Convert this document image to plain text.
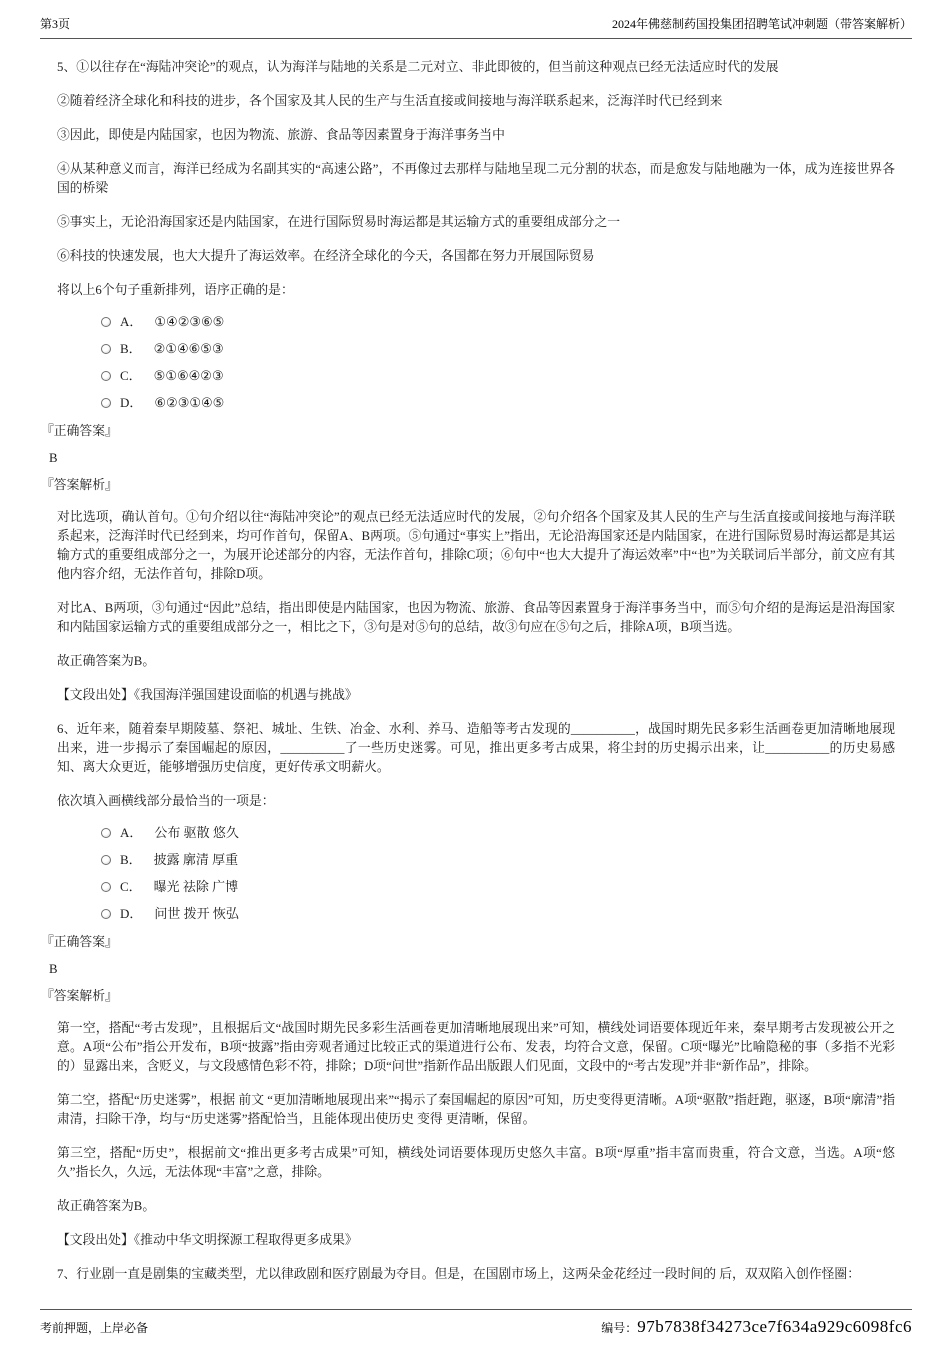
第3页	2024年佛慈制药国投集团招聘笔试冲刺题（带答案解析）

5、①以往存在“海陆冲突论”的观点，认为海洋与陆地的关系是二元对立、非此即彼的，但当前这种观点已经无法适应时代的发展

②随着经济全球化和科技的进步，各个国家及其人民的生产与生活直接或间接地与海洋联系起来，泛海洋时代已经到来

③因此，即使是内陆国家，也因为物流、旅游、食品等因素置身于海洋事务当中

④从某种意义而言，海洋已经成为名副其实的“高速公路”，不再像过去那样与陆地呈现二元分割的状态，而是愈发与陆地融为一体，成为连接世界各国的桥梁

⑤事实上，无论沿海国家还是内陆国家，在进行国际贸易时海运都是其运输方式的重要组成部分之一

⑥科技的快速发展，也大大提升了海运效率。在经济全球化的今天，各国都在努力开展国际贸易

将以上6个句子重新排列，语序正确的是：

A． ①④②③⑥⑤
B． ②①④⑥⑤③
C． ⑤①⑥④②③
D． ⑥②③①④⑤

『正确答案』

B

『答案解析』

对比选项，确认首句。①句介绍以往“海陆冲突论”的观点已经无法适应时代的发展，②句介绍各个国家及其人民的生产与生活直接或间接地与海洋联系起来，泛海洋时代已经到来，均可作首句，保留A、B两项。⑤句通过“事实上”指出，无论沿海国家还是内陆国家，在进行国际贸易时海运都是其运输方式的重要组成部分之一，为展开论述部分的内容，无法作首句，排除C项；⑥句中“也大大提升了海运效率”中“也”为关联词后半部分，前文应有其他内容介绍，无法作首句，排除D项。

对比A、B两项，③句通过“因此”总结，指出即使是内陆国家，也因为物流、旅游、食品等因素置身于海洋事务当中，而⑤句介绍的是海运是沿海国家和内陆国家运输方式的重要组成部分之一，相比之下，③句是对⑤句的总结，故③句应在⑤句之后，排除A项，B项当选。

故正确答案为B。

【文段出处】《我国海洋强国建设面临的机遇与挑战》

6、近年来，随着秦早期陵墓、祭祀、城址、生铁、冶金、水利、养马、造船等考古发现的__________，战国时期先民多彩生活画卷更加清晰地展现出来，进一步揭示了秦国崛起的原因，__________了一些历史迷雾。可见，推出更多考古成果，将尘封的历史揭示出来，让__________的历史易感知、离大众更近，能够增强历史信度，更好传承文明薪火。

依次填入画横线部分最恰当的一项是：

A． 公布 驱散 悠久
B． 披露 廓清 厚重
C． 曝光 祛除 广博
D． 问世 拨开 恢弘

『正确答案』

B

『答案解析』

第一空，搭配“考古发现”，且根据后文“战国时期先民多彩生活画卷更加清晰地展现出来”可知，横线处词语要体现近年来，秦早期考古发现被公开之意。A项“公布”指公开发布，B项“披露”指由旁观者通过比较正式的渠道进行公布、发表，均符合文意，保留。C项“曝光”比喻隐秘的事（多指不光彩的）显露出来，含贬义，与文段感情色彩不符，排除；D项“问世”指新作品出版跟人们见面，文段中的“考古发现”并非“新作品”，排除。

第二空，搭配“历史迷雾”，根据 前文 “更加清晰地展现出来”“揭示了秦国崛起的原因”可知，历史变得更清晰。A项“驱散”指赶跑，驱逐，B项“廓清”指肃清，扫除干净，均与“历史迷雾”搭配恰当，且能体现出使历史 变得 更清晰，保留。

第三空，搭配“历史”，根据前文“推出更多考古成果”可知，横线处词语要体现历史悠久丰富。B项“厚重”指丰富而贵重，符合文意，当选。A项“悠久”指长久，久远，无法体现“丰富”之意，排除。

故正确答案为B。

【文段出处】《推动中华文明探源工程取得更多成果》

7、行业剧一直是剧集的宝藏类型，尤以律政剧和医疗剧最为夺目。但是，在国剧市场上，这两朵金花经过一段时间的 后，双双陷入创作怪圈：

考前押题，上岸必备	编号：97b7838f34273ce7f634a929c6098fc6
